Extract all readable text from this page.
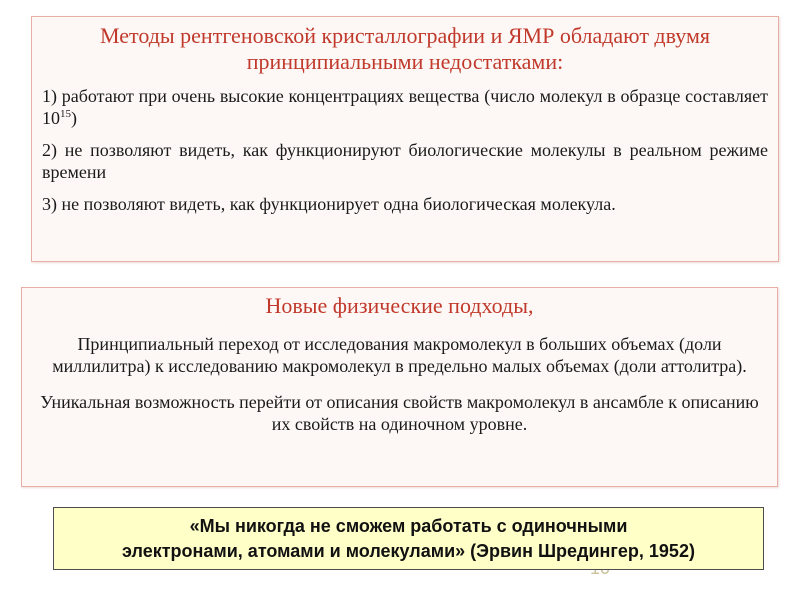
Методы рентгеновской кристаллографии и ЯМР обладают двумя принципиальными недостатками:

1) работают при очень высокие концентрациях вещества (число молекул в образце составляет $10^{15}$)

2) не позволяют видеть, как функционируют биологические молекулы в реальном режиме времени

3) не позволяют видеть, как функционирует одна биологическая молекула.

Новые физические подходы,

Принципиальный переход от исследования макромолекул в больших объемах (доли миллилитра) к исследованию макромолекул в предельно малых объемах (доли аттолитра).

Уникальная возможность перейти от описания свойств макромолекул в ансамбле к описанию их свойств на одиночном уровне.

«Мы никогда не сможем работать с одиночными
электронами, атомами и молекулами» (Эрвин Шредингер, 1952)
